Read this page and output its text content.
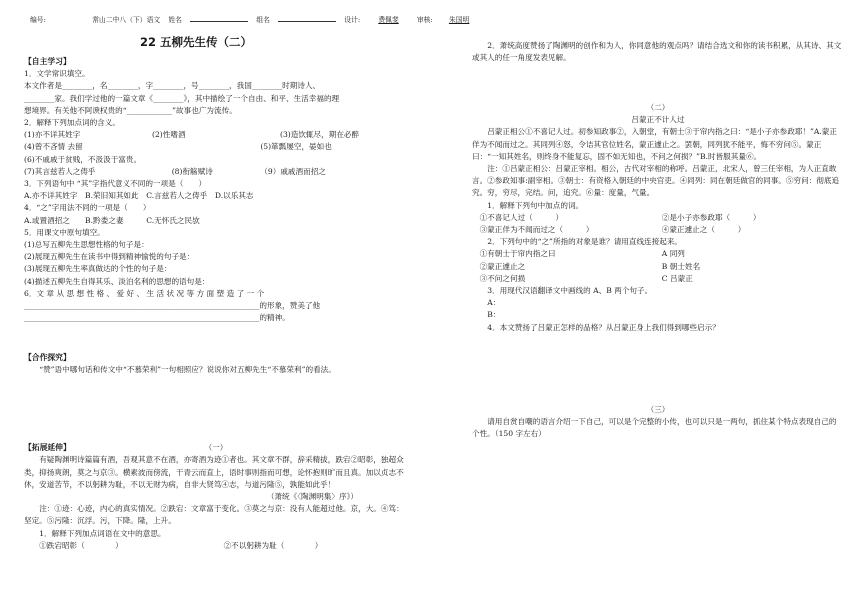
编号:	常山二中八（下）语文 姓名	组名	设计:	费佩斐	审核: 朱国明
22 五柳先生传（二）

【自主学习】

1．文学常识填空。

本文作者是________，名________，字________，号________，我国________时期诗人、

________家。我们学过他的一篇文章《________》，其中描绘了一个自由、和平、生活幸福的理

想境界。有关他不阿谀权贵的“____________”故事也广为流传。

2．解释下列加点词的含义。

(1)亦不详其姓字	(2)性嗜酒	(3)造饮辄尽，期在必醉
(4)曾不吝情 去留	(5)箪瓢屡空，晏如也

(6)不戚戚于贫贱，不汲汲于富贵。

(7)其言兹若人之俦乎	(8)衔觞赋诗	（9）戚戚酒而招之

3．下列语句中 “其”字指代意义不同的一项是（　　）

A.亦不详其姓字　B.荣旧知其如此　C.言兹若人之俦乎　D.以乐其志

4．“之”字用法不同的一项是（　　）

A.或置酒招之　　B.黔娄之妻　　　C.无怀氏之民欤

5．用课文中原句填空。

(1)总写五柳先生思想性格的句子是：

(2)展现五柳先生在读书中得到精神愉悦的句子是：

(3)展现五柳先生率真做达的个性的句子是：

(4)描述五柳先生自得其乐、淡泊名利的思想的语句是：

6．文 章 从 思 想 性 格 、 爱 好 、 生 活 状 况 等 方 面 塑 造 了 一 个

______________________________________________________________的形象，赞美了他

______________________________________________________________的精神。

【合作探究】

“赞”语中哪句话和传文中“不慕荣利”一句相照应？说说你对五柳先生“不慕荣利”的看法。

【拓展延伸】	（一）

有疑陶渊明诗篇篇有酒，吾观其意不在酒，亦寄酒为迹①者也。其文章不群，辞采精拔，跌宕②昭彰，独超众类，抑扬爽朗，莫之与京③。横素波而傍流，干青云而直上，语时事则指而可想，论怀抱则旷而且真。加以贞志不休，安道苦节，不以躬耕为耻，不以无财为病，自非大贤笃④志，与道污隆⑤，孰能如此乎！

（萧统《〈陶渊明集〉序》）

注：①迹：心迹，内心的真实情况。②跌宕：文章富于变化。③莫之与京：没有人能超过他。京，大。④笃：坚定。⑤污隆：沉浮。污，下降。隆，上升。

1．解释下列加点词语在文中的意思。

①跌宕昭彰（　　　　）	②不以躬耕为耻（　　　　）

2．萧统高度赞扬了陶渊明的创作和为人，你同意他的观点吗？请结合选文和你的读书积累，从其诗、其文或其人的任一角度发表见解。

（二）

吕蒙正不计人过

吕蒙正相公①不喜记人过。初参知政事②，入朝堂，有朝士③于帘内指之曰：“是小子亦参政耶！”A.蒙正佯为不闻而过之。其同列④怒，令诘其官位姓名，蒙正遽止之。罢朝，同列犹不能平，悔不穷问⑤。蒙正曰：“一知其姓名，则终身不能复忘，固不如无知也，不问之何损？”B.时皆服其量⑥。

注：①吕蒙正相公：吕蒙正宰相。相公，古代对宰相的称呼。吕蒙正，北宋人，曾三任宰相，为人正直敢言。②参政知事:副宰相。③朝士：有资格入朝廷的中央官吏。④同列：同在朝廷做官的同事。⑤穷问：彻底追究。穷，穷尽，完结。问，追究。⑥量：度量，气量。

1．解释下列句中加点的词。

①不喜记人过（　　　）	②是小子亦参政耶（　　　）
③蒙正佯为不闻而过之（　　　）	④蒙正遽止之（　　　）

2．下列句中的“之”所指的对象是谁？请用直线连接起来。

①有朝士于帘内指之曰	A 同列
②蒙正遽止之	B 朝士姓名
③不问之何损	C 吕蒙正

3．用现代汉语翻译文中画线的 A、B 两个句子。

A：

B：

4．本文赞扬了吕蒙正怎样的品格？从吕蒙正身上我们得到哪些启示？

（三）

请用自赏自嘲的语言介绍一下自己，可以是个完整的小传，也可以只是一两句，抓住某个特点表现自己的个性。（150 字左右）
